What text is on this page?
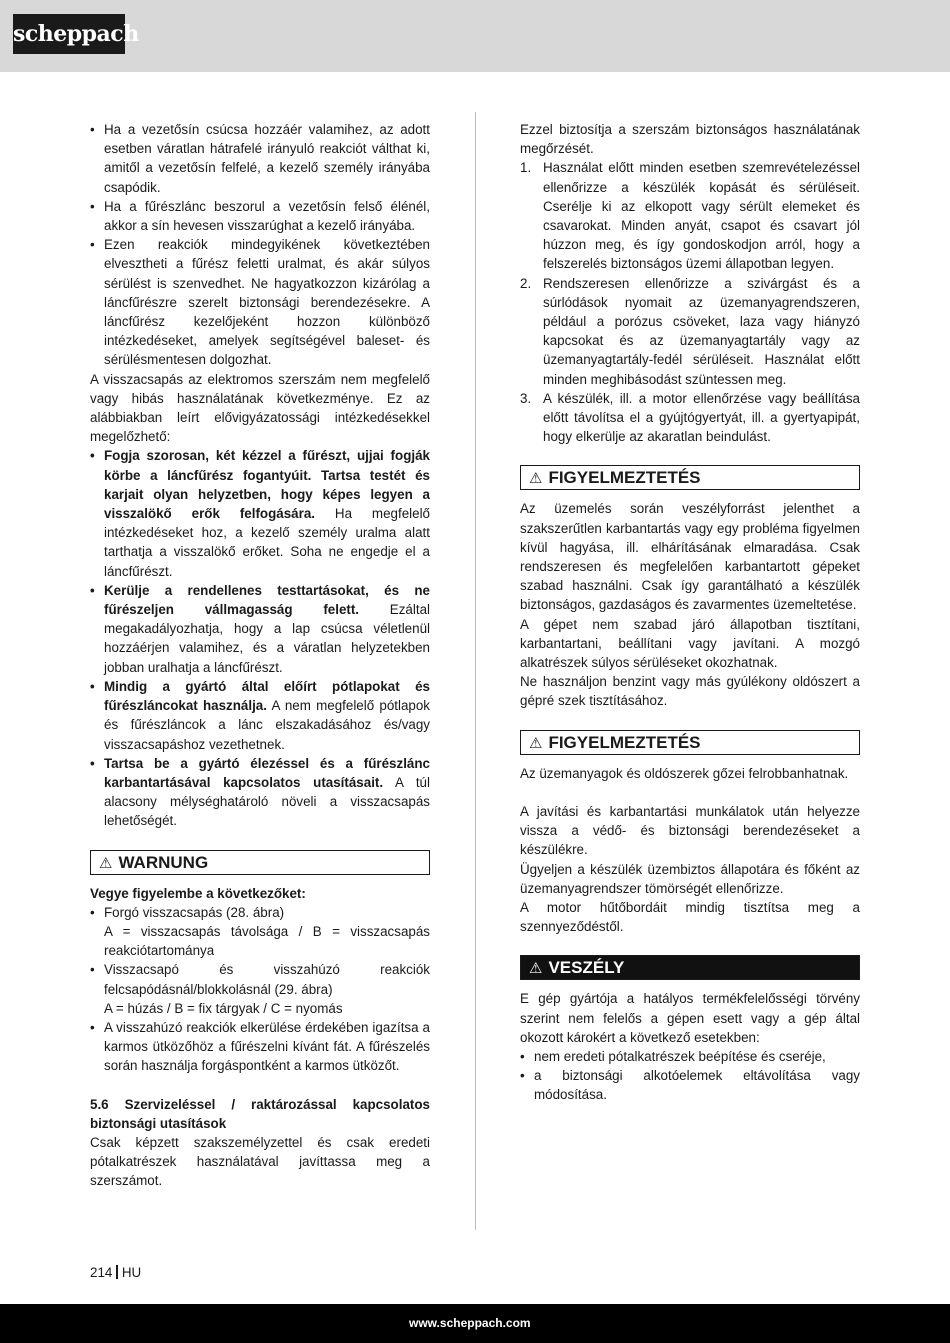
scheppach
• Ha a vezetősín csúcsa hozzáér valamihez, az adott esetben váratlan hátrafelé irányuló reakciót válthat ki, amitől a vezetősín felfelé, a kezelő személy irányába csapódik.
• Ha a fűrészlánc beszorul a vezetősín felső élénél, akkor a sín hevesen visszarúghat a kezelő irányába.
• Ezen reakciók mindegyikének következtében elvesztheti a fűrész feletti uralmat, és akár súlyos sérülést is szenvedhet. Ne hagyatkozzon kizárólag a láncfűrészre szerelt biztonsági berendezésekre. A láncfűrész kezelőjeként hozzon különböző intézkedéseket, amelyek segítségével baleset- és sérülésmentesen dolgozhat.

A visszacsapás az elektromos szerszám nem megfelelő vagy hibás használatának következménye. Ez az alábbiakban leírt elővigyázatossági intézkedésekkel megelőzhető:

• Fogja szorosan, két kézzel a fűrészt, ujjai fogják körbe a láncfűrész fogantyúit. Tartsa testét és karjait olyan helyzetben, hogy képes legyen a visszalökő erők felfogására. Ha megfelelő intézkedéseket hoz, a kezelő személy uralma alatt tarthatja a visszalökő erőket. Soha ne engedje el a láncfűrészt.
• Kerülje a rendellenes testtartásokat, és ne fűrészeljen vállmagasság felett. Ezáltal megakadályozhatja, hogy a lap csúcsa véletlenül hozzáérjen valamihez, és a váratlan helyzetekben jobban uralhatja a láncfűrészt.
• Mindig a gyártó által előírt pótlapokat és fűrészláncokat használja. A nem megfelelő pótlapok és fűrészláncok a lánc elszakadásához és/vagy visszacsapáshoz vezethetnek.
• Tartsa be a gyártó élezéssel és a fűrészlánc karbantartásával kapcsolatos utasításait. A túl alacsony mélységhatároló növeli a visszacsapás lehetőségét.
⚠ WARNUNG

Vegye figyelembe a következőket:

• Forgó visszacsapás (28. ábra)
A = visszacsapás távolsága / B = visszacsapás reakciótartománya
• Visszacsapó és visszahúzó reakciók felcsapódásnál/blokkolásnál (29. ábra)
A = húzás / B = fix tárgyak / C = nyomás
• A visszahúzó reakciók elkerülése érdekében igazítsa a karmos ütközőhöz a fűrészelni kívánt fát. A fűrészelés során használja forgáspontként a karmos ütközőt.

5.6 Szervizeléssel / raktározással kapcsolatos biztonsági utasítások

Csak képzett szakszemélyzettel és csak eredeti pótalkatrészek használatával javíttassa meg a szerszámot.

Ezzel biztosítja a szerszám biztonságos használatának megőrzését.

1. Használat előtt minden esetben szemrevételezéssel ellenőrizze a készülék kopását és sérüléseit. Cserélje ki az elkopott vagy sérült elemeket és csavarokat. Minden anyát, csapot és csavart jól húzzon meg, és így gondoskodjon arról, hogy a felszerelés biztonságos üzemi állapotban legyen.
2. Rendszeresen ellenőrizze a szivárgást és a súrlódások nyomait az üzemanyagrendszeren, például a porózus csöveket, laza vagy hiányzó kapcsokat és az üzemanyagtartály vagy az üzemanyagtartály-fedél sérüléseit. Használat előtt minden meghibásodást szüntessen meg.
3. A készülék, ill. a motor ellenőrzése vagy beállítása előtt távolítsa el a gyújtógyertyát, ill. a gyertyapipát, hogy elkerülje az akaratlan beindulást.
⚠ FIGYELMEZTETÉS

Az üzemelés során veszélyforrást jelenthet a szakszerűtlen karbantartás vagy egy probléma figyelmen kívül hagyása, ill. elhárításának elmaradása. Csak rendszeresen és megfelelően karbantartott gépeket szabad használni. Csak így garantálható a készülék biztonságos, gazdaságos és zavarmentes üzemeltetése.

A gépet nem szabad járó állapotban tisztítani, karbantartani, beállítani vagy javítani. A mozgó alkatrészek súlyos sérüléseket okozhatnak.

Ne használjon benzint vagy más gyúlékony oldószert a gépré szek tisztításához.

⚠ FIGYELMEZTETÉS

Az üzemanyagok és oldószerek gőzei felrobbanhatnak.

A javítási és karbantartási munkálatok után helyezze vissza a védő- és biztonsági berendezéseket a készülékre.

Ügyeljen a készülék üzembiztos állapotára és főként az üzemanyagrendszer tömörségét ellenőrizze.

A motor hűtőbordáit mindig tisztítsa meg a szennyeződéstől.

⚠ VESZÉLY

E gép gyártója a hatályos termékfelelősségi törvény szerint nem felelős a gépen esett vagy a gép által okozott károkért a következő esetekben:

• nem eredeti pótalkatrészek beépítése és cseréje,
• a biztonsági alkotóelemek eltávolítása vagy módosítása.
214 HU
www.scheppach.com
